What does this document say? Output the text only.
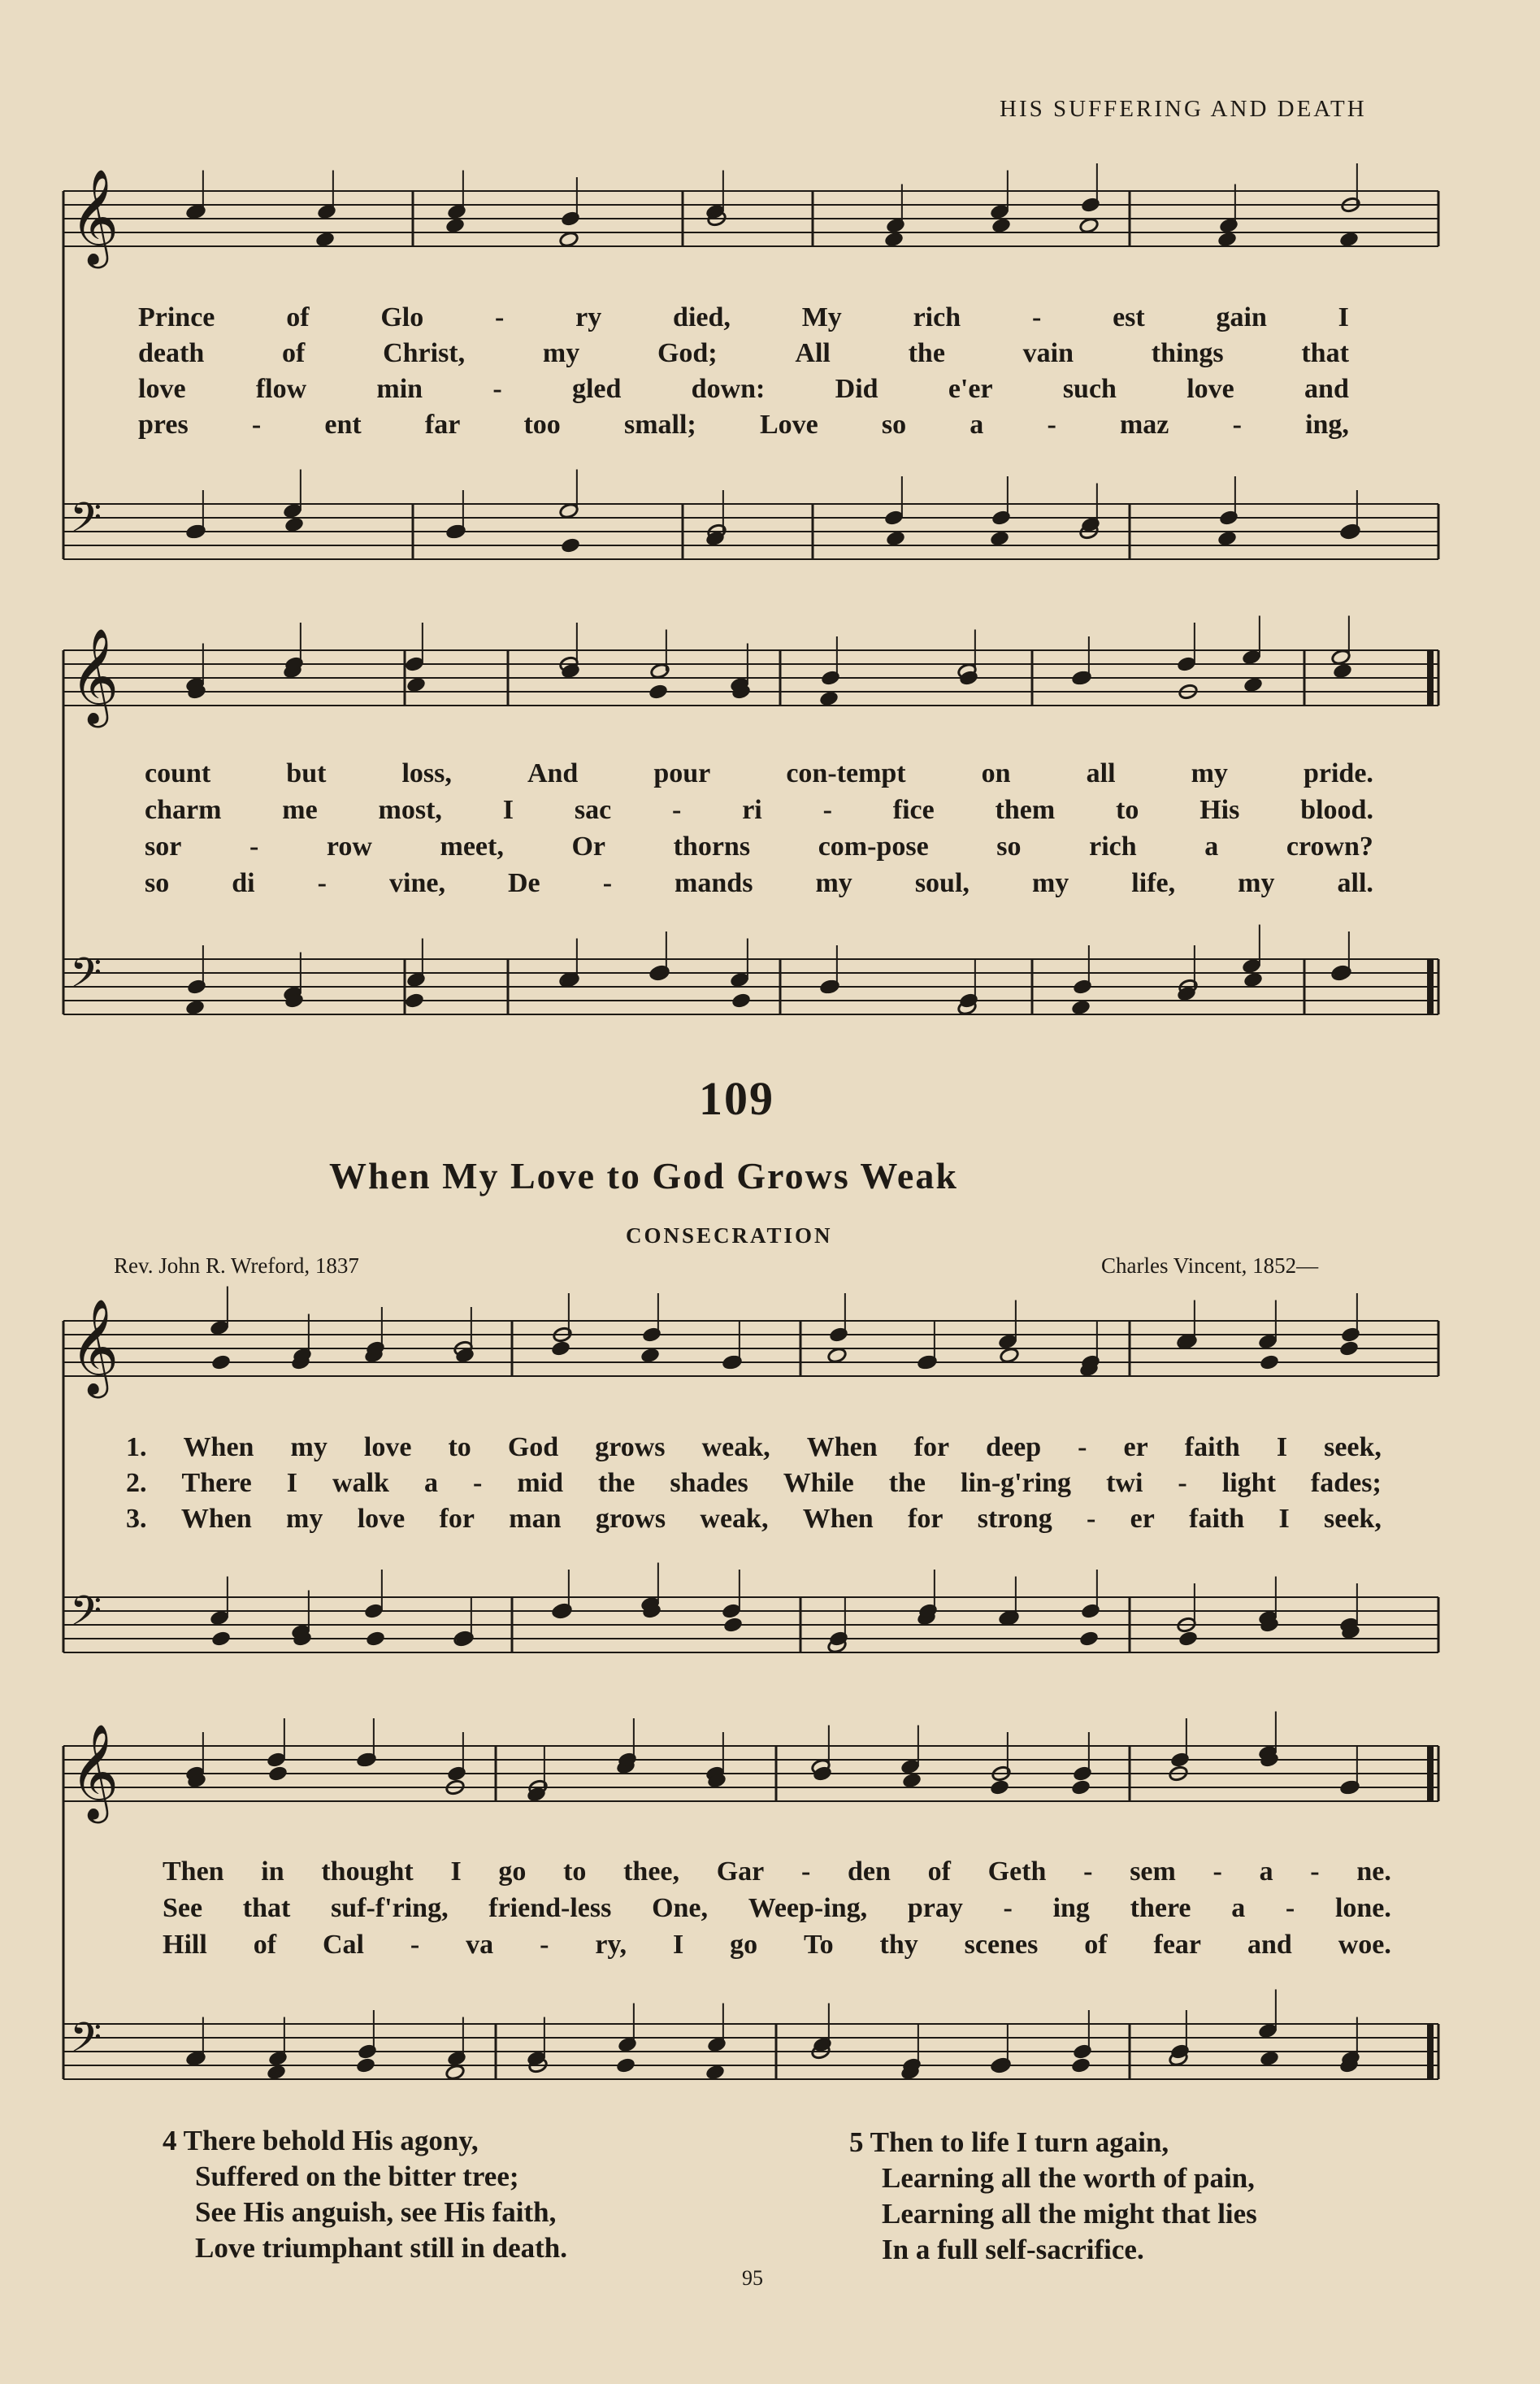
HIS SUFFERING AND DEATH
𝄞
𝄢
𝄞
𝄢
𝄞
𝄢
𝄞
𝄢
Prince	of	Glo	-	ry	died,	My	rich	-	est	gain	I
death	of	Christ,	my	God;	All	the	vain	things	that
love	flow	min	-	gled	down:	Did	e'er	such	love	and
pres - ent far too small; Love so a - maz - ing,
count	but	loss,	And	pour	con-tempt	on	all	my	pride.
charm me most, I sac - ri - fice them to His blood.
sor - row meet, Or thorns com-pose so rich a crown?
so di - vine, De - mands my soul, my life, my all.
1. When my love to God grows weak, When for deep - er faith I seek,
2. There I walk a - mid the shades While the lin-g'ring twi - light fades;
3. When my love for man grows weak, When for strong - er faith I seek,
Then in thought I go to thee, Gar - den of Geth - sem - a - ne.
See that suf-f'ring, friend-less One, Weep-ing, pray - ing there a - lone.
Hill of Cal - va - ry, I go To thy scenes of fear and woe.
109
When My Love to God Grows Weak
CONSECRATION
Rev. John R. Wreford, 1837	Charles Vincent, 1852—
4 There behold His agony,
Suffered on the bitter tree;
See His anguish, see His faith,
Love triumphant still in death.
5 Then to life I turn again,
Learning all the worth of pain,
Learning all the might that lies
In a full self-sacrifice.
95
